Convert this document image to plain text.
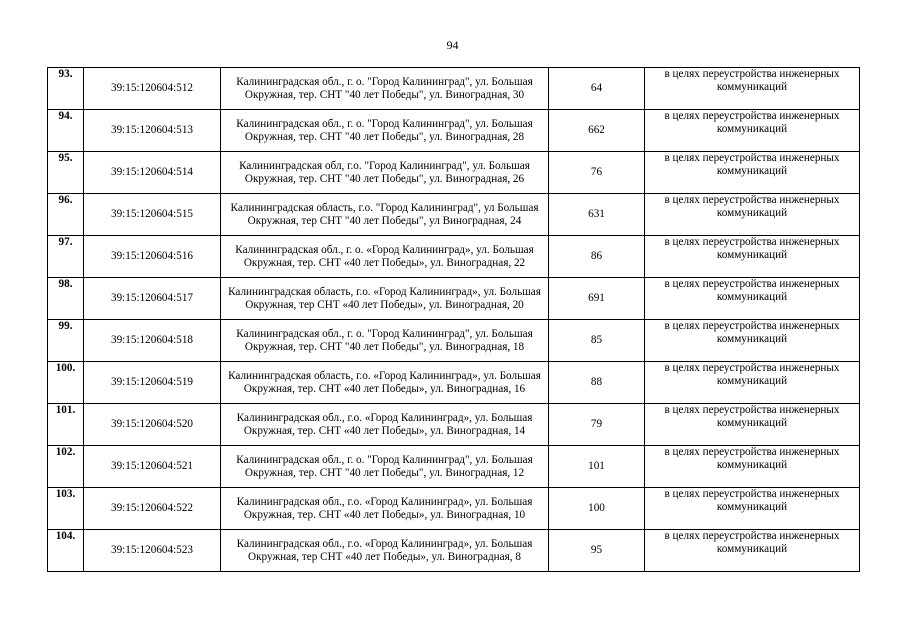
94
93.	39:15:120604:512	Калининградская обл., г. о. "Город Калининград", ул. Большая Окружная, тер. СНТ "40 лет Победы", ул. Виноградная, 30	64	в целях переустройства инженерных коммуникаций
94.	39:15:120604:513	Калининградская обл., г. о. "Город Калининград", ул. Большая Окружная, тер. СНТ "40 лет Победы", ул. Виноградная, 28	662	в целях переустройства инженерных коммуникаций
95.	39:15:120604:514	Калининградская обл, г.о. "Город Калининград", ул. Большая Окружная, тер. СНТ "40 лет Победы", ул. Виноградная, 26	76	в целях переустройства инженерных коммуникаций
96.	39:15:120604:515	Калининградская область, г.о. "Город Калининград", ул Большая Окружная, тер СНТ "40 лет Победы", ул Виноградная, 24	631	в целях переустройства инженерных коммуникаций
97.	39:15:120604:516	Калининградская обл., г. о. «Город Калининград», ул. Большая Окружная, тер. СНТ «40 лет Победы», ул. Виноградная, 22	86	в целях переустройства инженерных коммуникаций
98.	39:15:120604:517	Калининградская область, г.о. «Город Калининград», ул. Большая Окружная, тер СНТ «40 лет Победы», ул. Виноградная, 20	691	в целях переустройства инженерных коммуникаций
99.	39:15:120604:518	Калининградская обл., г. о. "Город Калининград", ул. Большая Окружная, тер. СНТ "40 лет Победы", ул. Виноградная, 18	85	в целях переустройства инженерных коммуникаций
100.	39:15:120604:519	Калининградская область, г.о. «Город Калининград», ул. Большая Окружная, тер. СНТ «40 лет Победы», ул. Виноградная, 16	88	в целях переустройства инженерных коммуникаций
101.	39:15:120604:520	Калининградская обл., г.о. «Город Калининград», ул. Большая Окружная, тер. СНТ «40 лет Победы», ул. Виноградная, 14	79	в целях переустройства инженерных коммуникаций
102.	39:15:120604:521	Калининградская обл., г. о. "Город Калининград", ул. Большая Окружная, тер. СНТ "40 лет Победы", ул. Виноградная, 12	101	в целях переустройства инженерных коммуникаций
103.	39:15:120604:522	Калининградская обл., г.о. «Город Калининград», ул. Большая Окружная, тер. СНТ «40 лет Победы», ул. Виноградная, 10	100	в целях переустройства инженерных коммуникаций
104.	39:15:120604:523	Калининградская обл., г.о. «Город Калининград», ул. Большая Окружная, тер СНТ «40 лет Победы», ул. Виноградная, 8	95	в целях переустройства инженерных коммуникаций
